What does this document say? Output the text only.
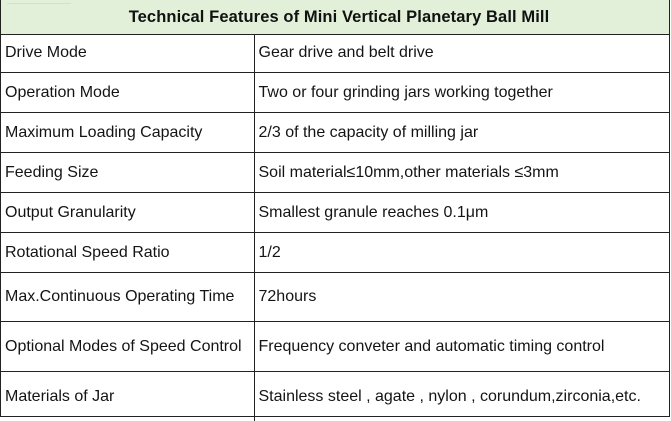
Technical Features of Mini Vertical Planetary Ball Mill
Drive Mode	Gear drive and belt drive
Operation Mode	Two or four grinding jars working together
Maximum Loading Capacity	2/3 of the capacity of milling jar
Feeding Size	Soil material≤10mm,other materials ≤3mm
Output Granularity	Smallest granule reaches 0.1μm
Rotational Speed Ratio	1/2
Max.Continuous Operating Time	72hours
Optional Modes of Speed Control	Frequency conveter and automatic timing control
Materials of Jar	Stainless steel , agate , nylon , corundum,zirconia,etc.
